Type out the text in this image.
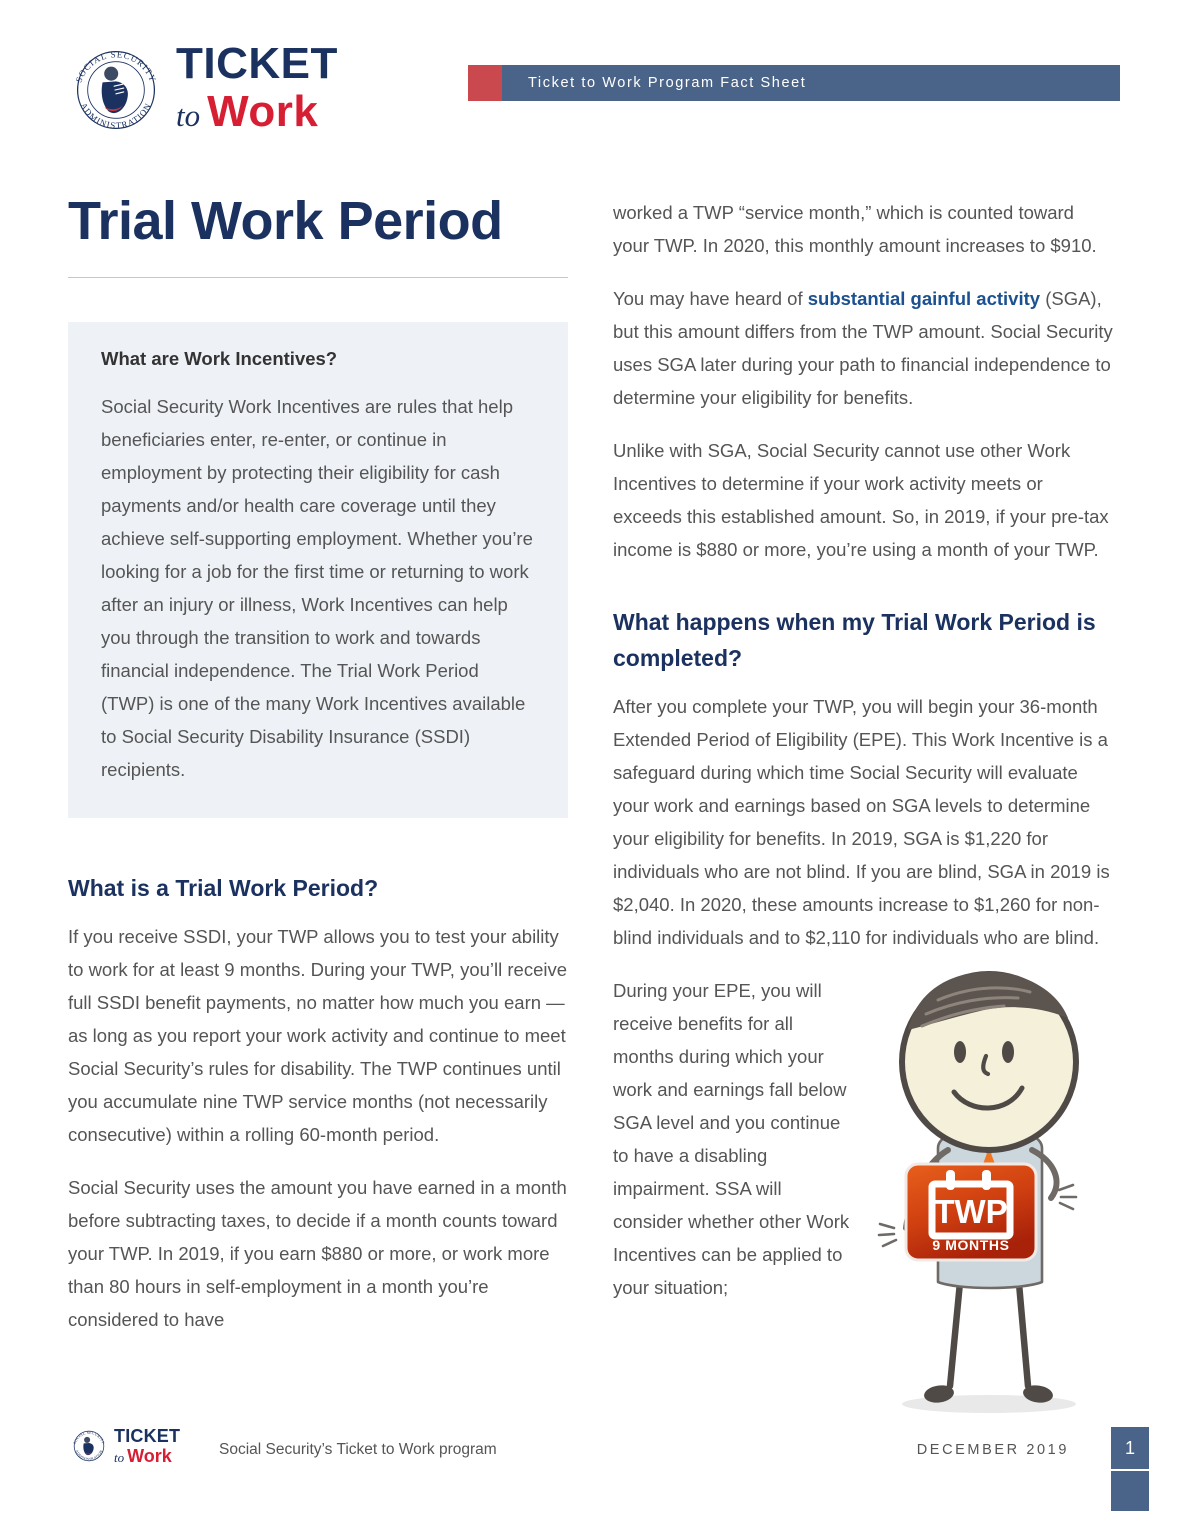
SOCIAL SECURITY
ADMINISTRATION
TICKET
to Work
Ticket to Work Program Fact Sheet
Trial Work Period
What are Work Incentives?

Social Security Work Incentives are rules that help beneficiaries enter, re-enter, or continue in employment by protecting their eligibility for cash payments and/or health care coverage until they achieve self-supporting employment. Whether you’re looking for a job for the first time or returning to work after an injury or illness, Work Incentives can help you through the transition to work and towards financial independence. The Trial Work Period (TWP) is one of the many Work Incentives available to Social Security Disability Insurance (SSDI) recipients.

What is a Trial Work Period?

If you receive SSDI, your TWP allows you to test your ability to work for at least 9 months. During your TWP, you’ll receive full SSDI benefit payments, no matter how much you earn — as long as you report your work activity and continue to meet Social Security’s rules for disability. The TWP continues until you accumulate nine TWP service months (not necessarily consecutive) within a rolling 60-month period.

Social Security uses the amount you have earned in a month before subtracting taxes, to decide if a month counts toward your TWP. In 2019, if you earn $880 or more, or work more than 80 hours in self-employment in a month you’re considered to have

worked a TWP “service month,” which is counted toward your TWP. In 2020, this monthly amount increases to $910.

You may have heard of substantial gainful activity (SGA), but this amount differs from the TWP amount. Social Security uses SGA later during your path to financial independence to determine your eligibility for benefits.

Unlike with SGA, Social Security cannot use other Work Incentives to determine if your work activity meets or exceeds this established amount. So, in 2019, if your pre-tax income is $880 or more, you’re using a month of your TWP.

What happens when my Trial Work Period is completed?

After you complete your TWP, you will begin your 36-month Extended Period of Eligibility (EPE). This Work Incentive is a safeguard during which time Social Security will evaluate your work and earnings based on SGA levels to determine your eligibility for benefits. In 2019, SGA is $1,220 for individuals who are not blind. If you are blind, SGA in 2019 is $2,040. In 2020, these amounts increase to $1,260 for non-blind individuals and to $2,110 for individuals who are blind.

During your EPE, you will receive benefits for all months during which your work and earnings fall below SGA level and you continue to have a disabling impairment. SSA will consider whether other Work Incentives can be applied to your situation;

TWP
9 MONTHS
SOCIAL SECURITY
ADMINISTRATION
TICKET
to Work	Social Security’s Ticket to Work program	DECEMBER 2019	1
